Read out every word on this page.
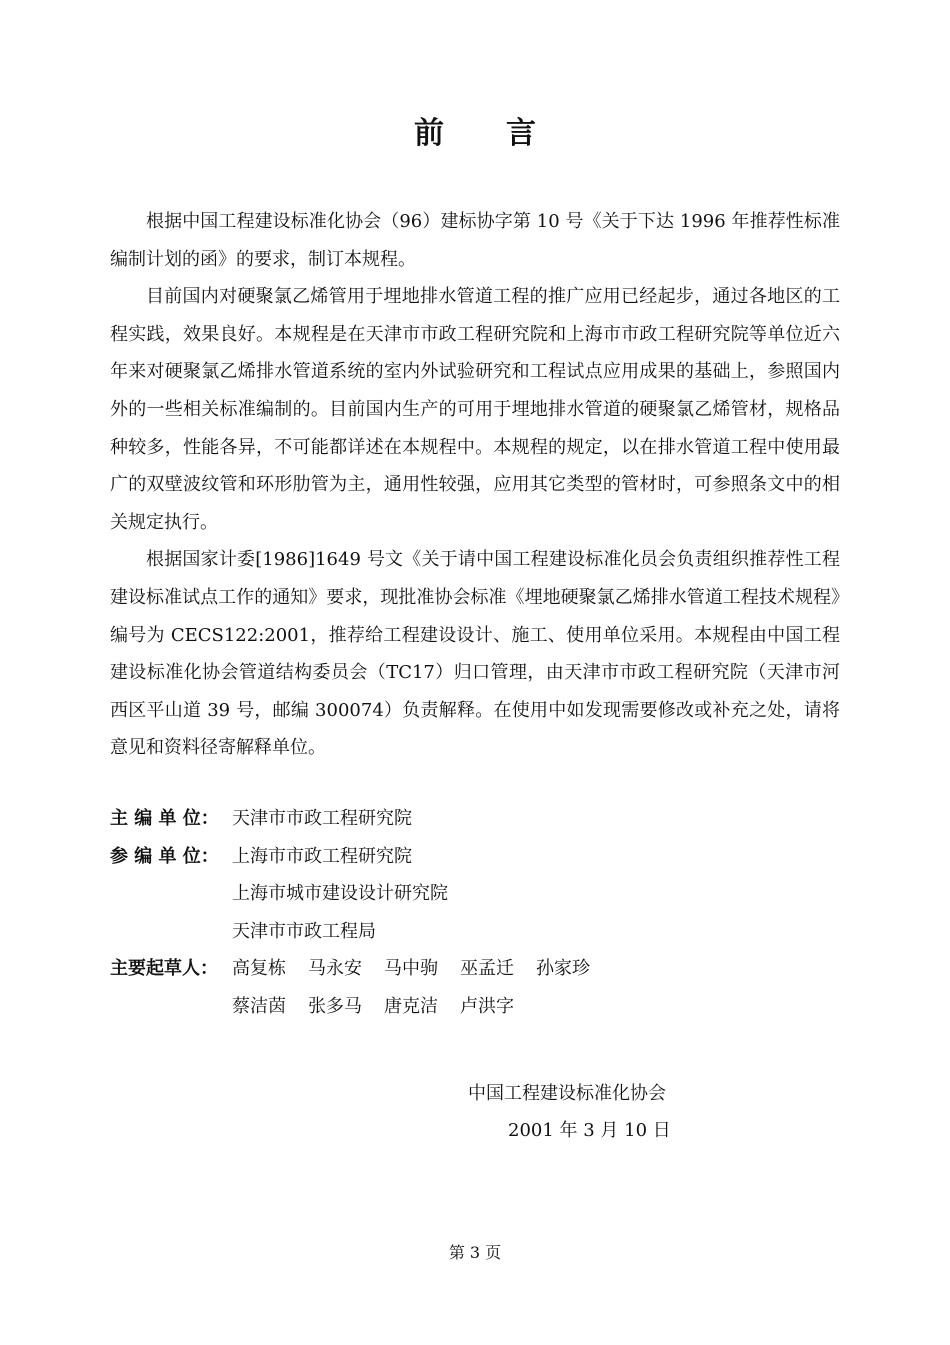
前 言

根据中国工程建设标准化协会（96）建标协字第 10 号《关于下达 1996 年推荐性标准编制计划的函》的要求，制订本规程。

目前国内对硬聚氯乙烯管用于埋地排水管道工程的推广应用已经起步，通过各地区的工程实践，效果良好。本规程是在天津市市政工程研究院和上海市市政工程研究院等单位近六年来对硬聚氯乙烯排水管道系统的室内外试验研究和工程试点应用成果的基础上，参照国内外的一些相关标准编制的。目前国内生产的可用于埋地排水管道的硬聚氯乙烯管材，规格品种较多，性能各异，不可能都详述在本规程中。本规程的规定，以在排水管道工程中使用最广的双壁波纹管和环形肋管为主，通用性较强，应用其它类型的管材时，可参照条文中的相关规定执行。

根据国家计委[1986]1649 号文《关于请中国工程建设标准化员会负责组织推荐性工程建设标准试点工作的通知》要求，现批准协会标准《埋地硬聚氯乙烯排水管道工程技术规程》编号为 CECS122:2001，推荐给工程建设设计、施工、使用单位采用。本规程由中国工程建设标准化协会管道结构委员会（TC17）归口管理，由天津市市政工程研究院（天津市河西区平山道 39 号，邮编 300074）负责解释。在使用中如发现需要修改或补充之处，请将意见和资料径寄解释单位。

主 编 单 位： 天津市市政工程研究院
参 编 单 位： 上海市市政工程研究院
上海市城市建设设计研究院
天津市市政工程局
主要起草人： 高复栋 马永安 马中驹 巫孟迁 孙家珍
蔡洁茵 张多马 唐克洁 卢洪字
中国工程建设标准化协会
2001 年 3 月 10 日
第 3 页
